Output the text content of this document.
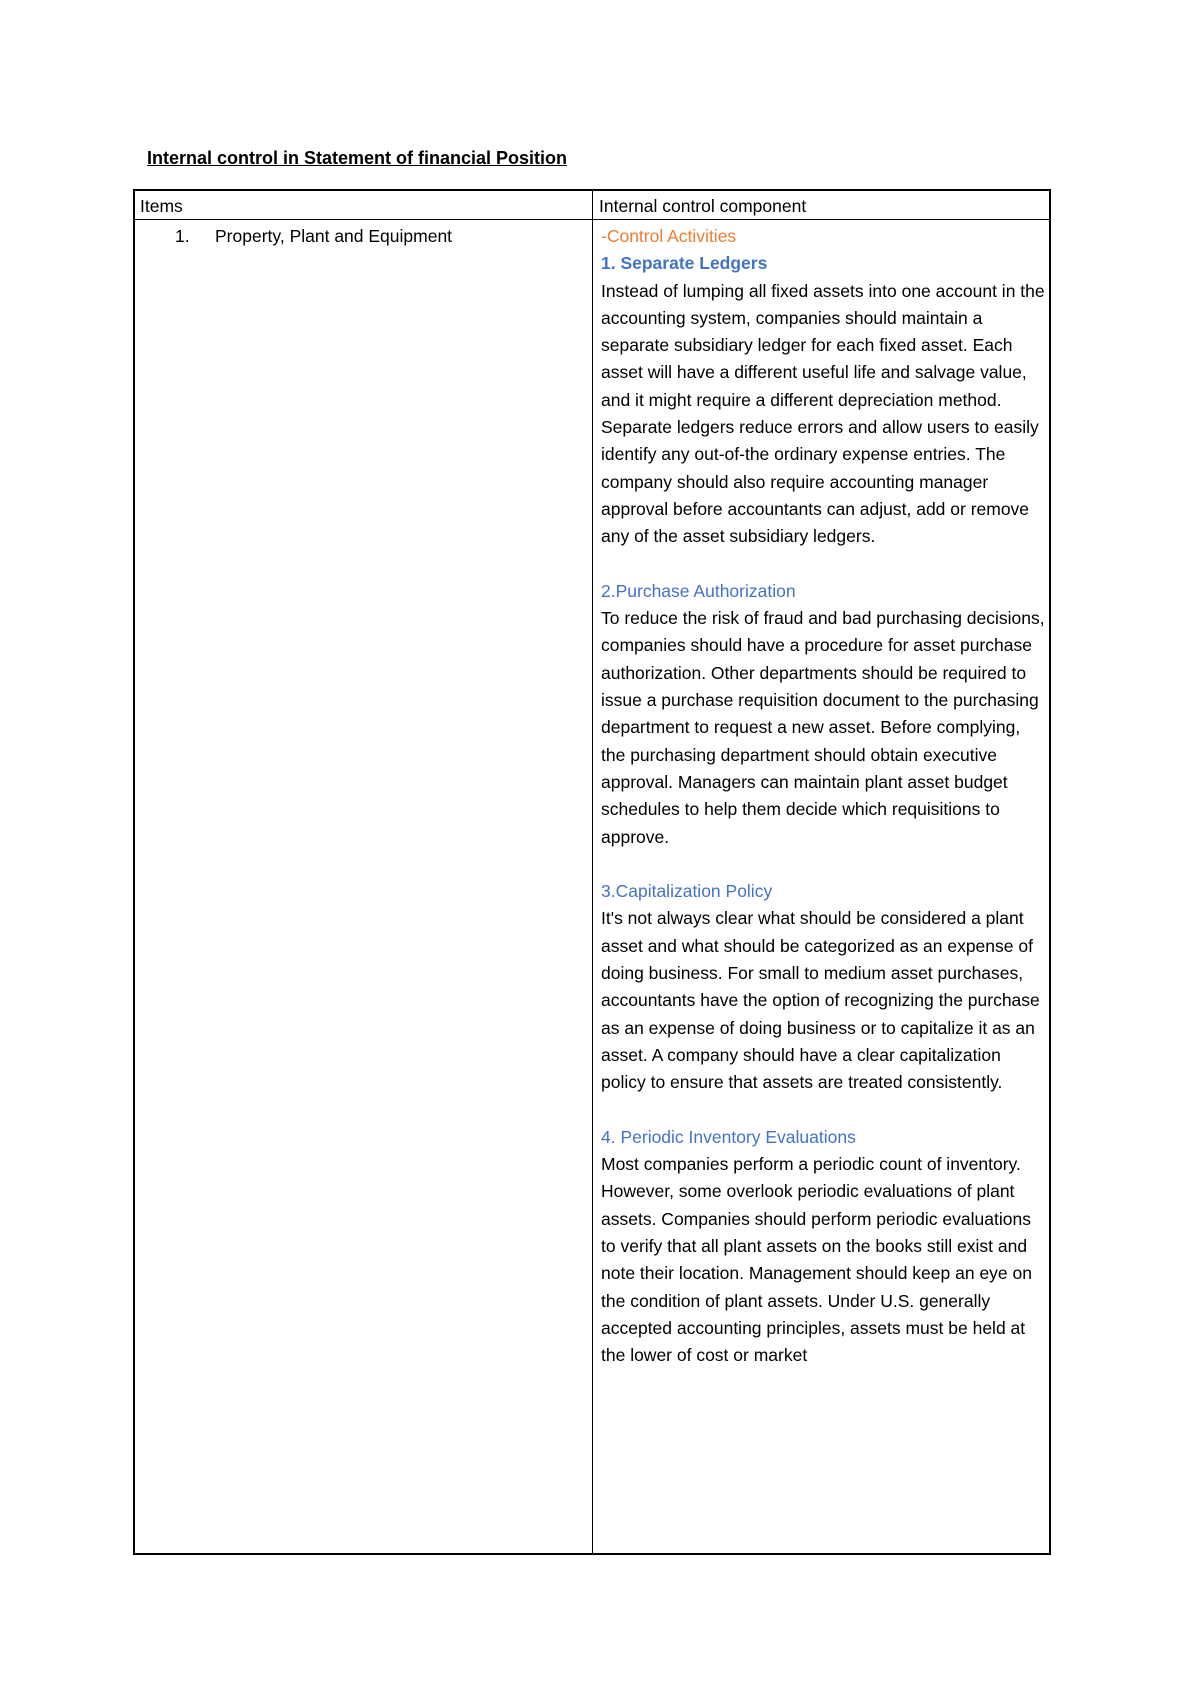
Internal control in Statement of financial Position
Items	Internal control component
1. Property, Plant and Equipment	-Control Activities

1. Separate Ledgers

Instead of lumping all fixed assets into one account in the accounting system, companies should maintain a separate subsidiary ledger for each fixed asset. Each asset will have a different useful life and salvage value, and it might require a different depreciation method. Separate ledgers reduce errors and allow users to easily identify any out-of-the ordinary expense entries. The company should also require accounting manager approval before accountants can adjust, add or remove any of the asset subsidiary ledgers.

2.Purchase Authorization

To reduce the risk of fraud and bad purchasing decisions, companies should have a procedure for asset purchase authorization. Other departments should be required to issue a purchase requisition document to the purchasing department to request a new asset. Before complying, the purchasing department should obtain executive approval. Managers can maintain plant asset budget schedules to help them decide which requisitions to approve.

3.Capitalization Policy

It's not always clear what should be considered a plant asset and what should be categorized as an expense of doing business. For small to medium asset purchases, accountants have the option of recognizing the purchase as an expense of doing business or to capitalize it as an asset. A company should have a clear capitalization policy to ensure that assets are treated consistently.

4. Periodic Inventory Evaluations

Most companies perform a periodic count of inventory. However, some overlook periodic evaluations of plant assets. Companies should perform periodic evaluations to verify that all plant assets on the books still exist and note their location. Management should keep an eye on the condition of plant assets. Under U.S. generally accepted accounting principles, assets must be held at the lower of cost or market
